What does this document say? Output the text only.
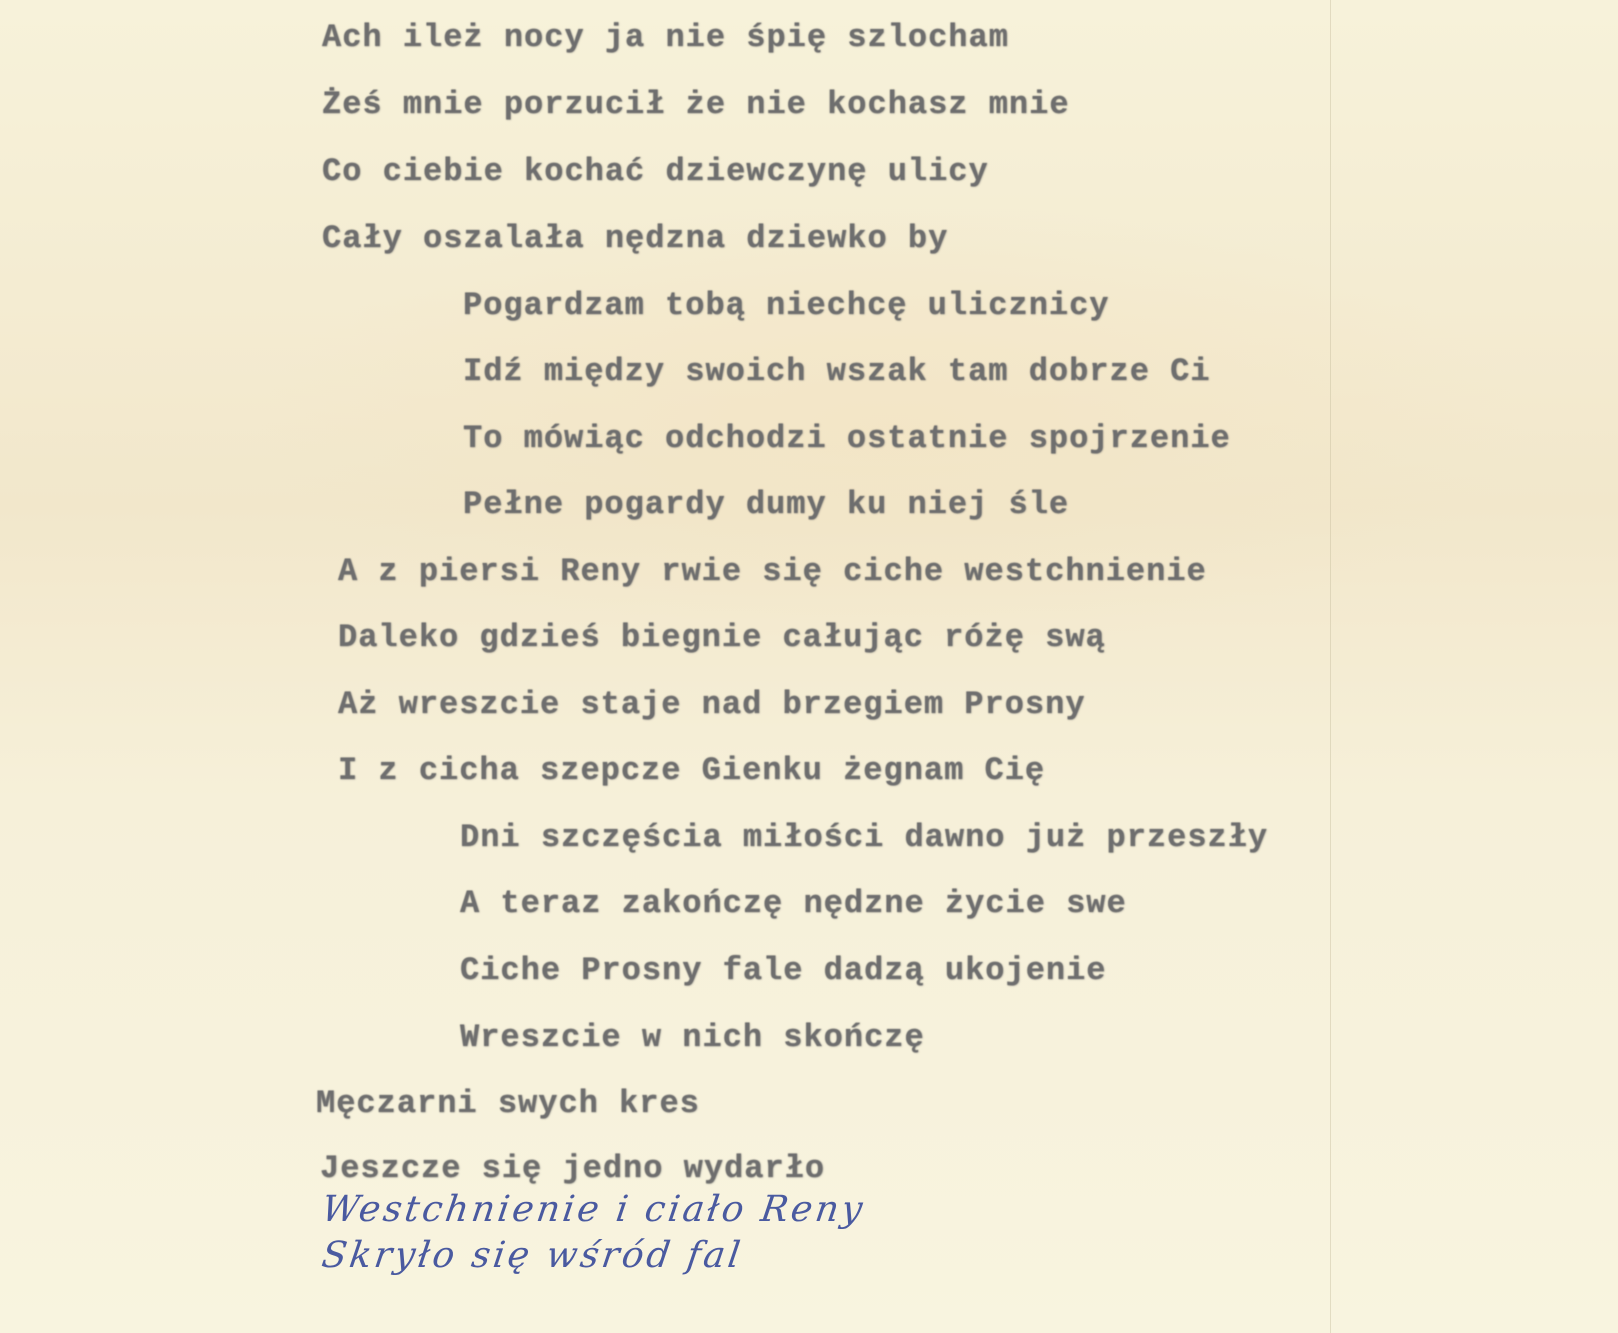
Ach ileż nocy ja nie śpię szlocham
Żeś mnie porzucił że nie kochasz mnie
Co ciebie kochać dziewczynę ulicy
Cały oszalała nędzna dziewko by
Pogardzam tobą niechcę ulicznicy
Idź między swoich wszak tam dobrze Ci
To mówiąc odchodzi ostatnie spojrzenie
Pełne pogardy dumy ku niej śle
A z piersi Reny rwie się ciche westchnienie
Daleko gdzieś biegnie całując różę swą
Aż wreszcie staje nad brzegiem Prosny
I z cicha szepcze Gienku żegnam Cię
Dni szczęścia miłości dawno już przeszły
A teraz zakończę nędzne życie swe
Ciche Prosny fale dadzą ukojenie
Wreszcie w nich skończę
Męczarni swych kres
Jeszcze się jedno wydarło
Westchnienie i ciało Reny
Skryło się wśród fal
